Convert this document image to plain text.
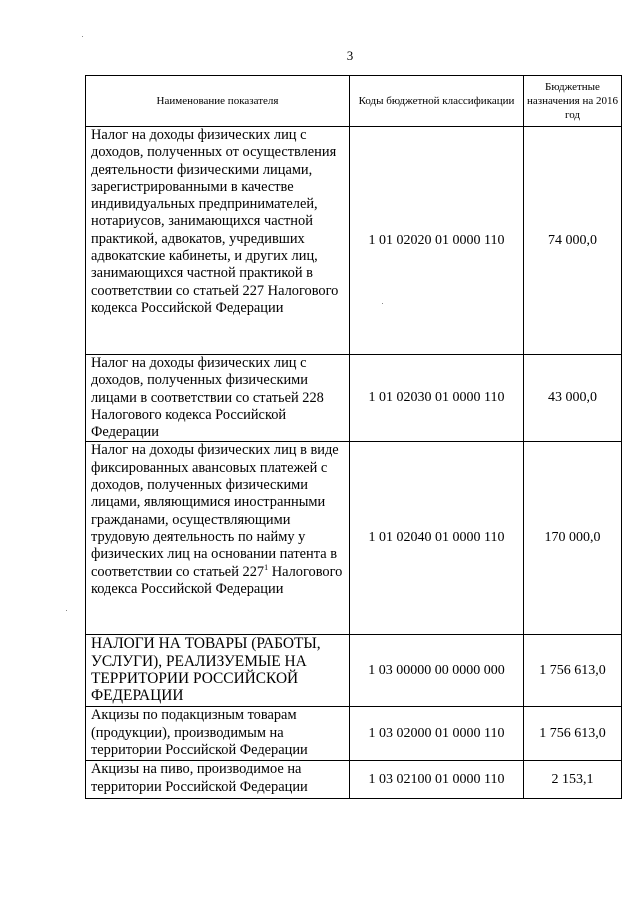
3
Наименование показателя	Коды бюджетной классификации	Бюджетные назначения на 2016 год
Налог на доходы физических лиц с доходов, полученных от осуществления деятельности физическими лицами, зарегистрированными в качестве индивидуальных предпринимателей, нотариусов, занимающихся частной практикой, адвокатов, учредивших адвокатские кабинеты, и других лиц, занимающихся частной практикой в соответствии со статьей 227 Налогового кодекса Российской Федерации	1 01 02020 01 0000 110	74 000,0
Налог на доходы физических лиц с доходов, полученных физическими лицами в соответствии со статьей 228 Налогового кодекса Российской Федерации	1 01 02030 01 0000 110	43 000,0
Налог на доходы физических лиц в виде фиксированных авансовых платежей с доходов, полученных физическими лицами, являющимися иностранными гражданами, осуществляющими трудовую деятельность по найму у физических лиц на основании патента в соответствии со статьей $227^1$ Налогового кодекса Российской Федерации	1 01 02040 01 0000 110	170 000,0
НАЛОГИ НА ТОВАРЫ (РАБОТЫ, УСЛУГИ), РЕАЛИЗУЕМЫЕ НА ТЕРРИТОРИИ РОССИЙСКОЙ ФЕДЕРАЦИИ	1 03 00000 00 0000 000	1 756 613,0
Акцизы по подакцизным товарам (продукции), производимым на территории Российской Федерации	1 03 02000 01 0000 110	1 756 613,0
Акцизы на пиво, производимое на территории Российской Федерации	1 03 02100 01 0000 110	2 153,1
